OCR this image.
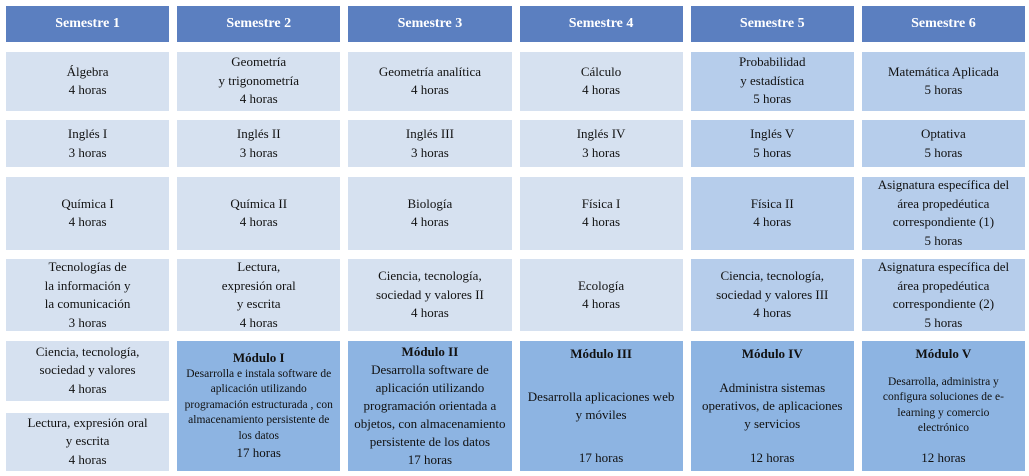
Semestre 1
Álgebra
4 horas
Inglés I
3 horas
Química I
4 horas
Tecnologías de
la información y
la comunicación
3 horas
Ciencia, tecnología,
sociedad y valores
4 horas
Lectura, expresión oral
y escrita
4 horas
Semestre 2
Geometría
y trigonometría
4 horas
Inglés II
3 horas
Química II
4 horas
Lectura,
expresión oral
y escrita
4 horas
Módulo I
Desarrolla e instala software de
aplicación utilizando
programación estructurada , con
almacenamiento persistente de
los datos
17 horas
Semestre 3
Geometría analítica
4 horas
Inglés III
3 horas
Biología
4 horas
Ciencia, tecnología,
sociedad y valores II
4 horas
Módulo II
Desarrolla software de
aplicación utilizando
programación orientada a
objetos, con almacenamiento
persistente de los datos
17 horas
Semestre 4
Cálculo
4 horas
Inglés IV
3 horas
Física I
4 horas
Ecología
4 horas
Módulo III
Desarrolla aplicaciones web
y móviles
17 horas
Semestre 5
Probabilidad
y estadística
5 horas
Inglés V
5 horas
Física II
4 horas
Ciencia, tecnología,
sociedad y valores III
4 horas
Módulo IV
Administra sistemas
operativos, de aplicaciones
y servicios
12 horas
Semestre 6
Matemática Aplicada
5 horas
Optativa
5 horas
Asignatura específica del
área propedéutica
correspondiente (1)
5 horas
Asignatura específica del
área propedéutica
correspondiente (2)
5 horas
Módulo V
Desarrolla, administra y
configura soluciones de e-
learning y comercio
electrónico
12 horas
